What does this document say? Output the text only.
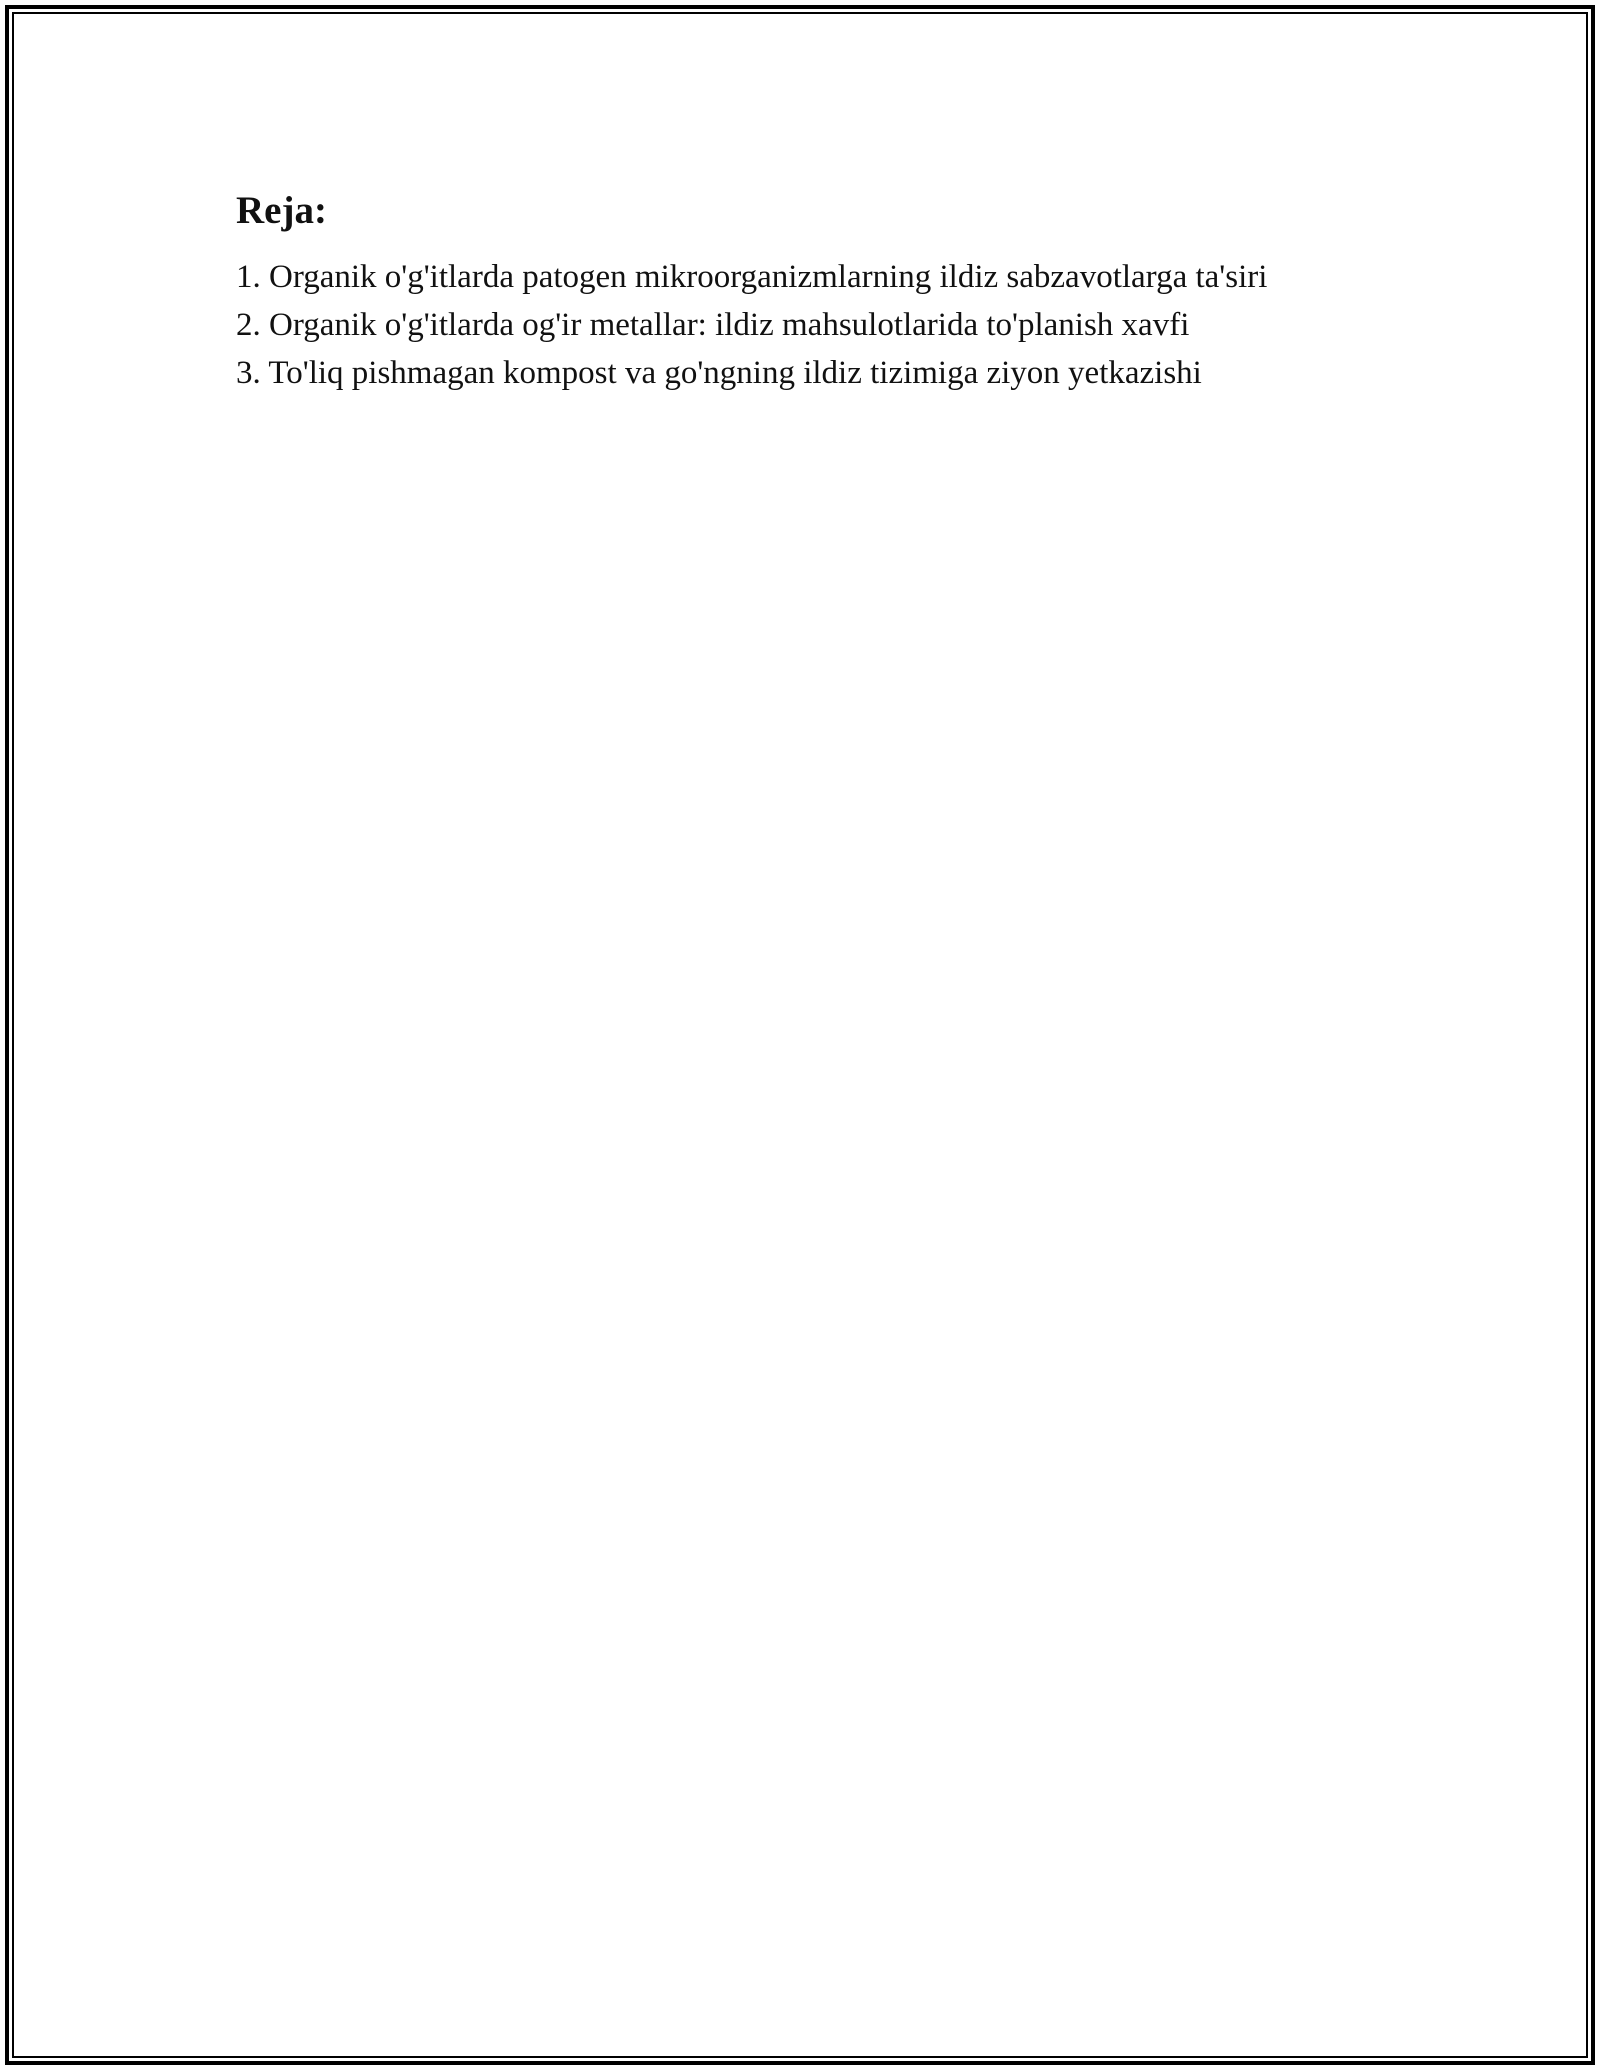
Reja:
1. Organik o'g'itlarda patogen mikroorganizmlarning ildiz sabzavotlarga ta'siri
2. Organik o'g'itlarda og'ir metallar: ildiz mahsulotlarida to'planish xavfi
3. To'liq pishmagan kompost va go'ngning ildiz tizimiga ziyon yetkazishi
